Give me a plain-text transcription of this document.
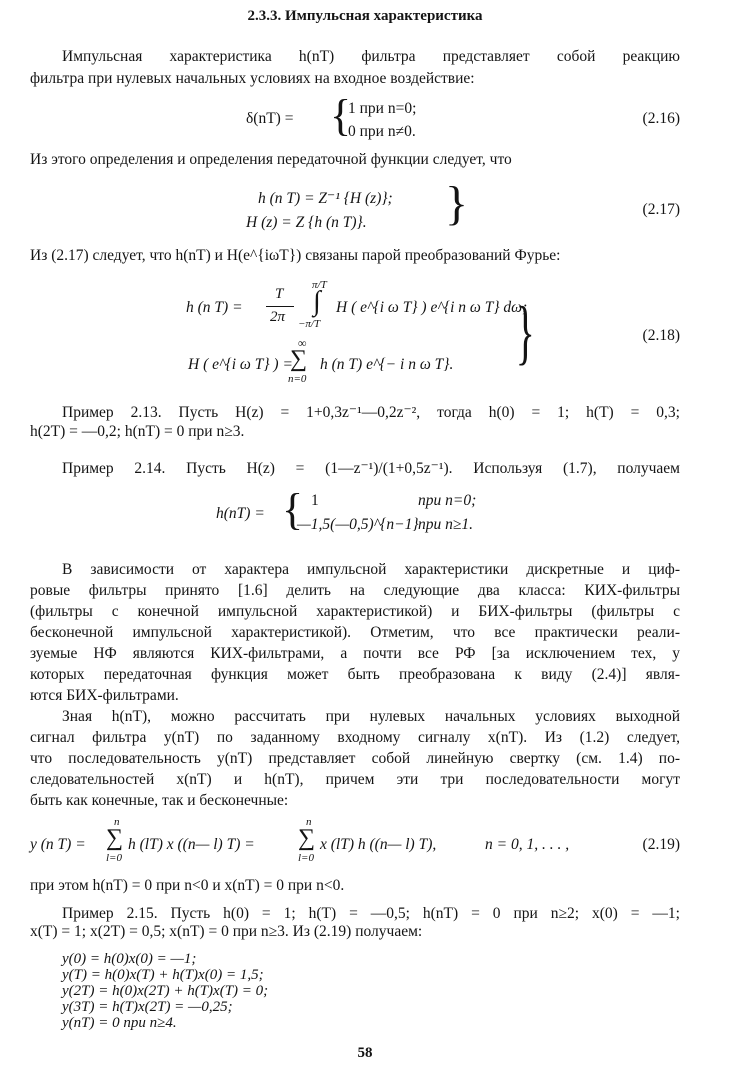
2.3.3. Импульсная характеристика
Импульсная характеристика h(nT) фильтра представляет собой реакцию
фильтра при нулевых начальных условиях на входное воздействие:
δ(nT) = {
1 при n=0;
0 при n≠0.
(2.16)
Из этого определения и определения передаточной функции следует, что
h (n T) = Z⁻¹ {H (z)};
H (z) = Z {h (n T)}. }	(2.17)
Из (2.17) следует, что h(nT) и H(e^{iωT}) связаны парой преобразований Фурье:
h (n T) =
T
2π
π/T
∫
−π/T
H ( e^{i ω T} ) e^{i n ω T} dω;
H ( e^{i ω T} ) =
∞
∑
n=0
h (n T) e^{− i n ω T}. }	(2.18)
Пример 2.13. Пусть H(z) = 1+0,3z⁻¹—0,2z⁻², тогда h(0) = 1; h(T) = 0,3;
h(2T) = —0,2; h(nT) = 0 при n≥3.
Пример 2.14. Пусть H(z) = (1—z⁻¹)/(1+0,5z⁻¹). Используя (1.7), получаем
h(nT) = { 1	при n=0;
—1,5(—0,5)^{n−1} при n≥1.
В зависимости от характера импульсной характеристики дискретные и циф-
ровые фильтры принято [1.6] делить на следующие два класса: КИХ-фильтры
(фильтры с конечной импульсной характеристикой) и БИХ-фильтры (фильтры с
бесконечной импульсной характеристикой). Отметим, что все практически реали-
зуемые НФ являются КИХ-фильтрами, а почти все РФ [за исключением тех, у
которых передаточная функция может быть преобразована к виду (2.4)] явля-
ются БИХ-фильтрами.
Зная h(nT), можно рассчитать при нулевых начальных условиях выходной
сигнал фильтра y(nT) по заданному входному сигналу x(nT). Из (1.2) следует,
что последовательность y(nT) представляет собой линейную свертку (см. 1.4) по-
следовательностей x(nT) и h(nT), причем эти три последовательности могут
быть как конечные, так и бесконечные:
y (n T) =
n
∑
l=0
h (lT) x ((n— l) T) =
n
∑
l=0
x (lT) h ((n— l) T),	n = 0, 1, . . . ,	(2.19)
при этом h(nT) = 0 при n<0 и x(nT) = 0 при n<0.
Пример 2.15. Пусть h(0) = 1; h(T) = —0,5; h(nT) = 0 при n≥2; x(0) = —1;
x(T) = 1; x(2T) = 0,5; x(nT) = 0 при n≥3. Из (2.19) получаем:
y(0) = h(0)x(0) = —1;
y(T) = h(0)x(T) + h(T)x(0) = 1,5;
y(2T) = h(0)x(2T) + h(T)x(T) = 0;
y(3T) = h(T)x(2T) = —0,25;
y(nT) = 0 при n≥4.
58
